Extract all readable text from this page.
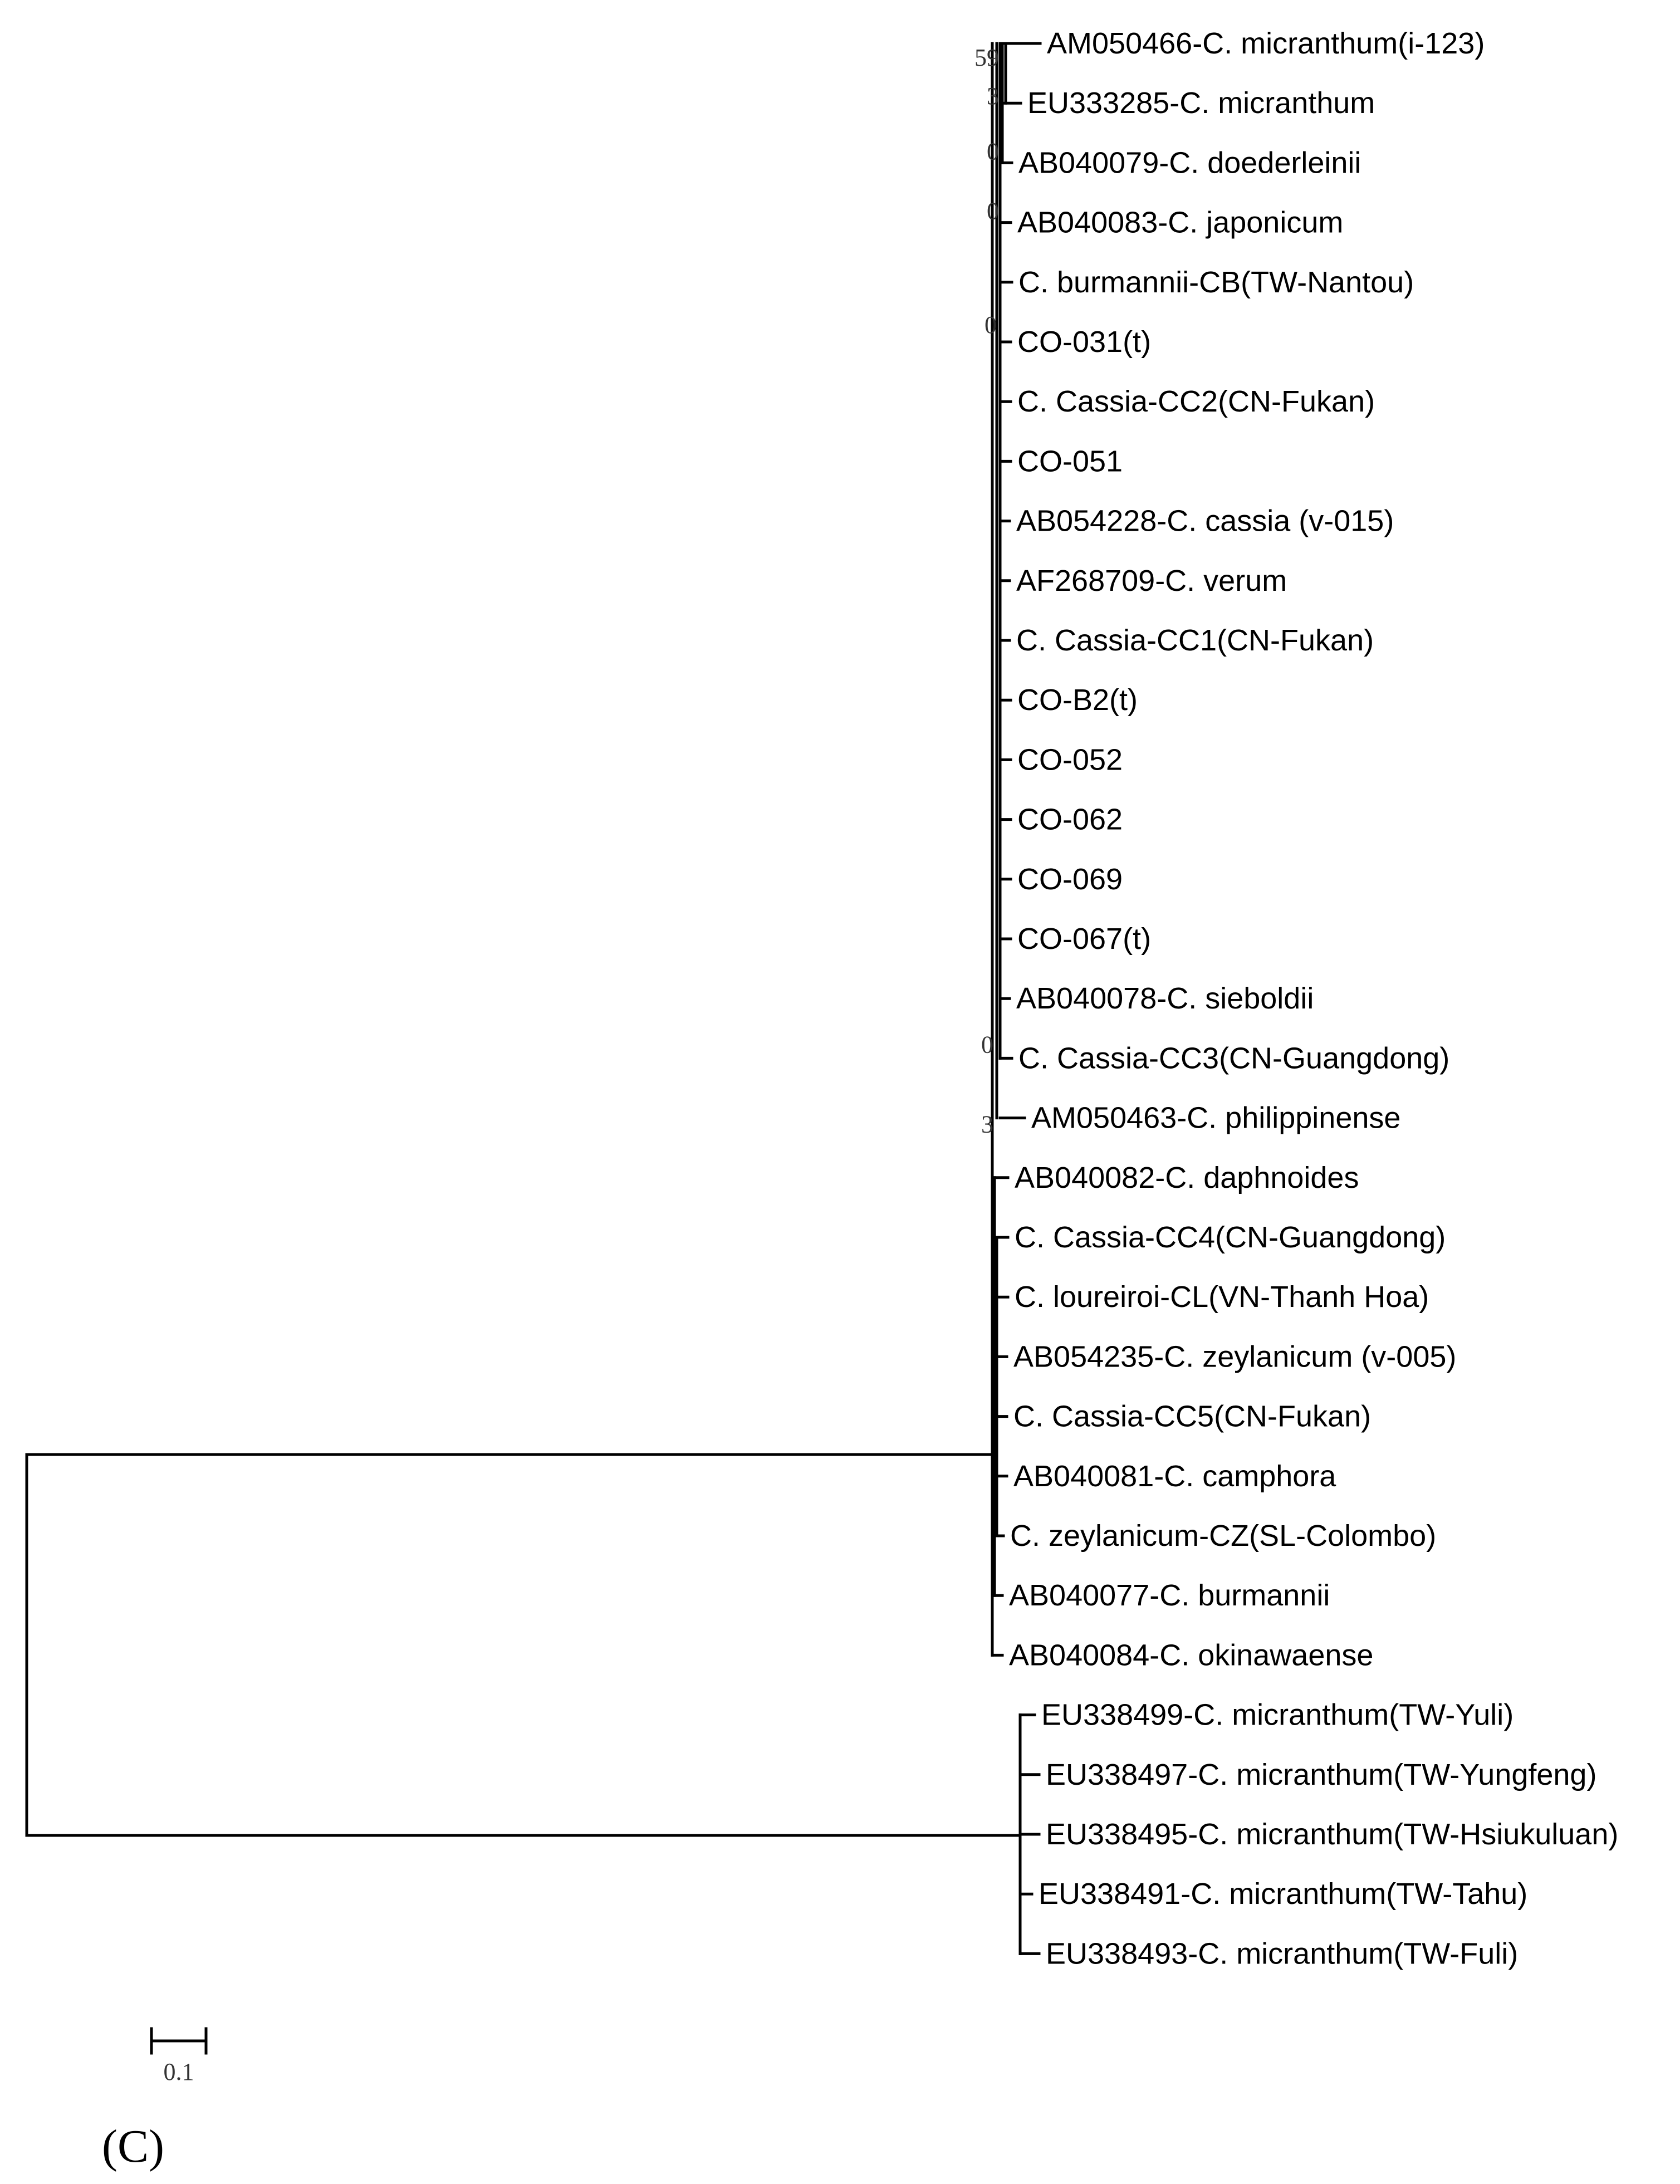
59
3
0
0
0
0
3
AM050466-C. micranthum(i-123)
EU333285-C. micranthum
AB040079-C. doederleinii
AB040083-C. japonicum
C. burmannii-CB(TW-Nantou)
CO-031(t)
C. Cassia-CC2(CN-Fukan)
CO-051
AB054228-C. cassia (v-015)
AF268709-C. verum
C. Cassia-CC1(CN-Fukan)
CO-B2(t)
CO-052
CO-062
CO-069
CO-067(t)
AB040078-C. sieboldii
C. Cassia-CC3(CN-Guangdong)
AM050463-C. philippinense
AB040082-C. daphnoides
C. Cassia-CC4(CN-Guangdong)
C. loureiroi-CL(VN-Thanh Hoa)
AB054235-C. zeylanicum (v-005)
C. Cassia-CC5(CN-Fukan)
AB040081-C. camphora
C. zeylanicum-CZ(SL-Colombo)
AB040077-C. burmannii
AB040084-C. okinawaense
EU338499-C. micranthum(TW-Yuli)
EU338497-C. micranthum(TW-Yungfeng)
EU338495-C. micranthum(TW-Hsiukuluan)
EU338491-C. micranthum(TW-Tahu)
EU338493-C. micranthum(TW-Fuli)
0.1
(C)
